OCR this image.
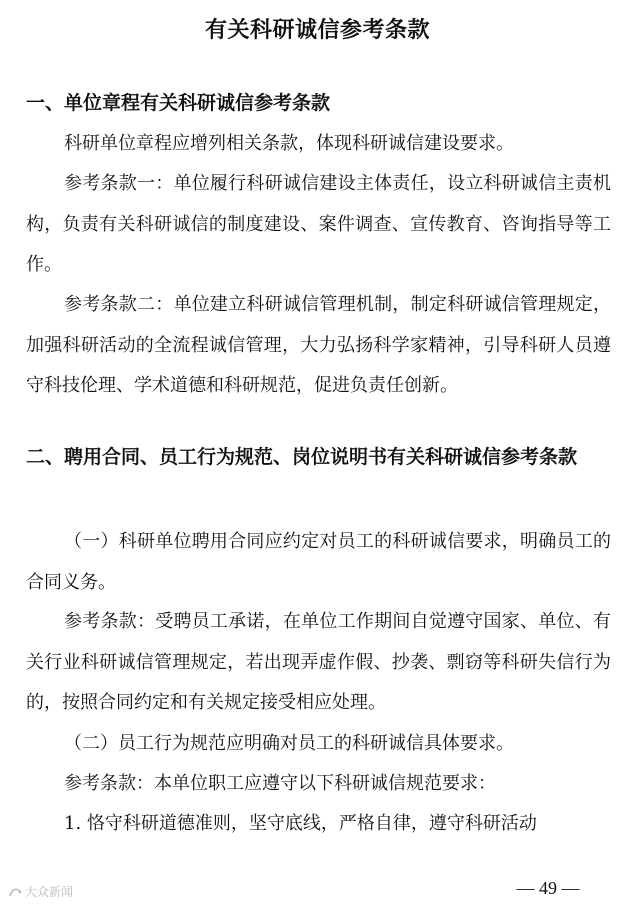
有关科研诚信参考条款
一、单位章程有关科研诚信参考条款
科研单位章程应增列相关条款，体现科研诚信建设要求。
参考条款一：单位履行科研诚信建设主体责任，设立科研诚信主责机构，负责有关科研诚信的制度建设、案件调查、宣传教育、咨询指导等工作。
参考条款二：单位建立科研诚信管理机制，制定科研诚信管理规定，加强科研活动的全流程诚信管理，大力弘扬科学家精神，引导科研人员遵守科技伦理、学术道德和科研规范，促进负责任创新。
二、聘用合同、员工行为规范、岗位说明书有关科研诚信参考条款
（一）科研单位聘用合同应约定对员工的科研诚信要求，明确员工的合同义务。
参考条款：受聘员工承诺，在单位工作期间自觉遵守国家、单位、有关行业科研诚信管理规定，若出现弄虚作假、抄袭、剽窃等科研失信行为的，按照合同约定和有关规定接受相应处理。
（二）员工行为规范应明确对员工的科研诚信具体要求。
参考条款：本单位职工应遵守以下科研诚信规范要求：
1. 恪守科研道德准则，坚守底线，严格自律，遵守科研活动
大众新闻	— 49 —
